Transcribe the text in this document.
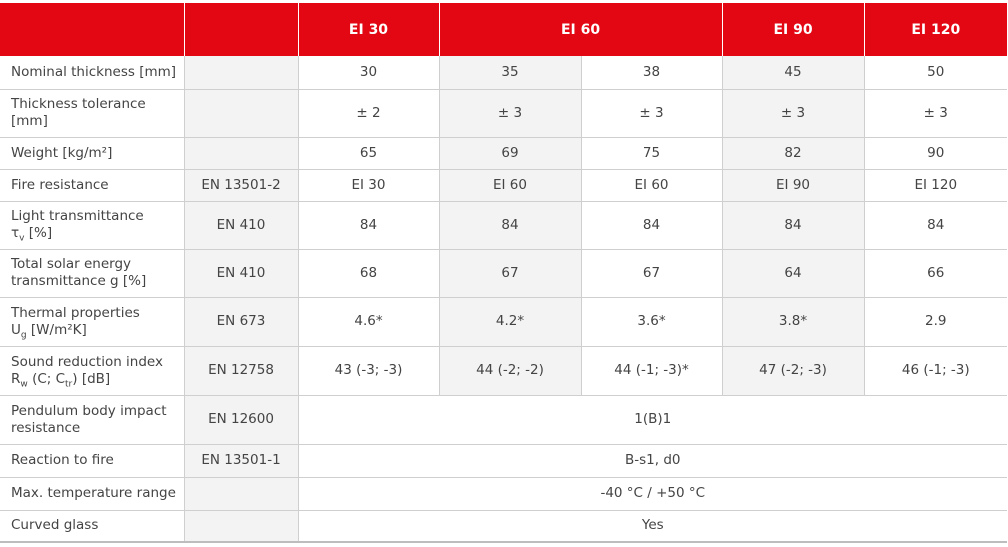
		EI 30	EI 60		EI 90	EI 120
Nominal thickness [mm]		30	35	38	45	50
Thickness tolerance
[mm]		± 2	± 3	± 3	± 3	± 3
Weight [kg/m²]		65	69	75	82	90
Fire resistance	EN 13501-2	EI 30	EI 60	EI 60	EI 90	EI 120
Light transmittance
$\tau_v$ [%]	EN 410	84	84	84	84	84
Total solar energy
transmittance g [%]	EN 410	68	67	67	64	66
Thermal properties
$U_g$ [W/m²K]	EN 673	4.6*	4.2*	3.6*	3.8*	2.9
Sound reduction index
$R_w$ (C; $C_{tr}$) [dB]	EN 12758	43 (-3; -3)	44 (-2; -2)	44 (-1; -3)*	47 (-2; -3)	46 (-1; -3)
Pendulum body impact
resistance	EN 12600	1(B)1				
Reaction to fire	EN 13501-1	B-s1, d0				
Max. temperature range		-40 °C / +50 °C				
Curved glass		Yes				
